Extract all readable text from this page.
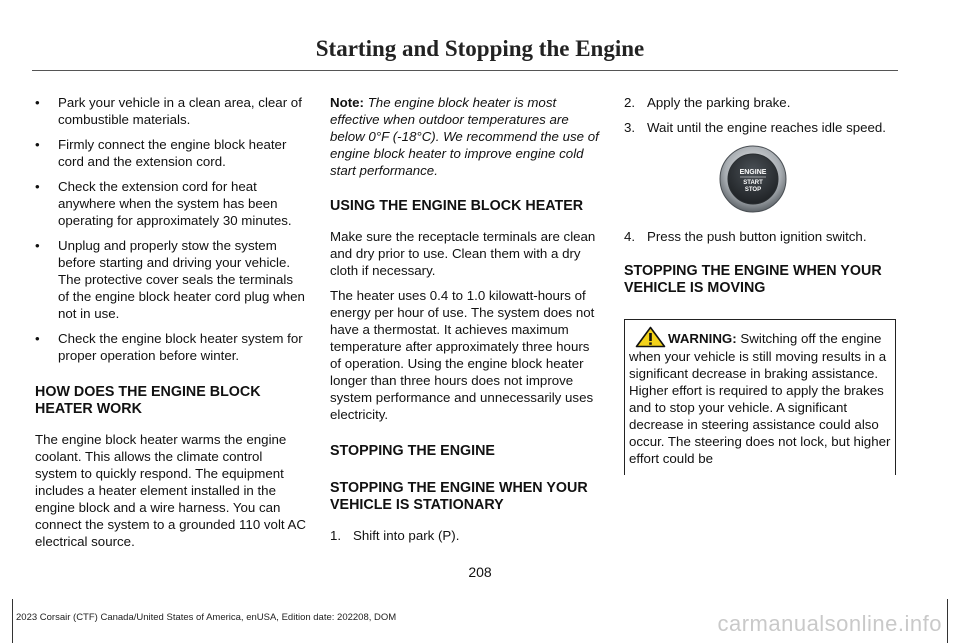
Starting and Stopping the Engine
• Park your vehicle in a clean area, clear of combustible materials.
• Firmly connect the engine block heater cord and the extension cord.
• Check the extension cord for heat anywhere when the system has been operating for approximately 30 minutes.
• Unplug and properly stow the system before starting and driving your vehicle. The protective cover seals the terminals of the engine block heater cord plug when not in use.
• Check the engine block heater system for proper operation before winter.
HOW DOES THE ENGINE BLOCK HEATER WORK

The engine block heater warms the engine coolant. This allows the climate control system to quickly respond. The equipment includes a heater element installed in the engine block and a wire harness. You can connect the system to a grounded 110 volt AC electrical source.

Note: The engine block heater is most effective when outdoor temperatures are below 0°F (-18°C). We recommend the use of engine block heater to improve engine cold start performance.

USING THE ENGINE BLOCK HEATER

Make sure the receptacle terminals are clean and dry prior to use. Clean them with a dry cloth if necessary.

The heater uses 0.4 to 1.0 kilowatt-hours of energy per hour of use. The system does not have a thermostat. It achieves maximum temperature after approximately three hours of operation. Using the engine block heater longer than three hours does not improve system performance and unnecessarily uses electricity.

STOPPING THE ENGINE
STOPPING THE ENGINE WHEN YOUR VEHICLE IS STATIONARY
1. Shift into park (P).
2. Apply the parking brake.
3. Wait until the engine reaches idle speed.
ENGINE
START
STOP
4. Press the push button ignition switch.
STOPPING THE ENGINE WHEN YOUR VEHICLE IS MOVING
WARNING: Switching off the engine when your vehicle is still moving results in a significant decrease in braking assistance. Higher effort is required to apply the brakes and to stop your vehicle. A significant decrease in steering assistance could also occur. The steering does not lock, but higher effort could be
208
2023 Corsair (CTF) Canada/United States of America, enUSA, Edition date: 202208, DOM	carmanualsonline.info
